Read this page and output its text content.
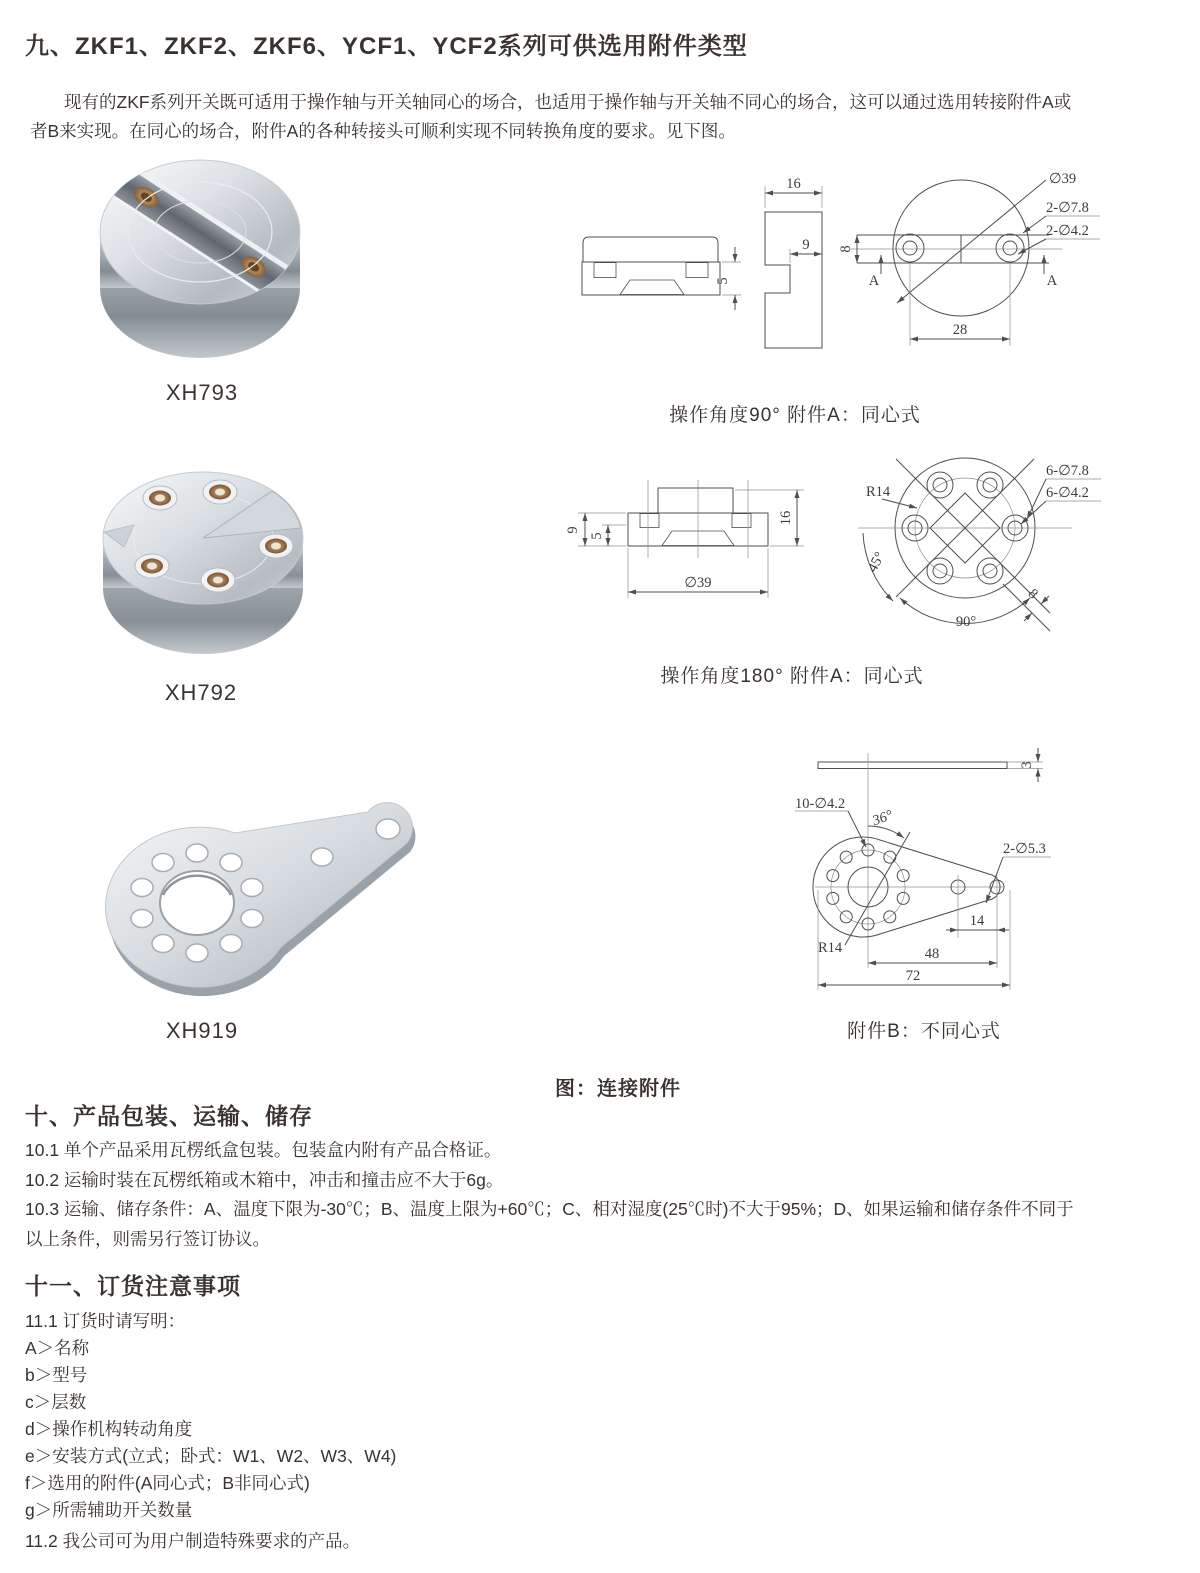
九、ZKF1、ZKF2、ZKF6、YCF1、YCF2系列可供选用附件类型
现有的ZKF系列开关既可适用于操作轴与开关轴同心的场合，也适用于操作轴与开关轴不同心的场合，这可以通过选用转接附件A或
者B来实现。在同心的场合，附件A的各种转接头可顺利实现不同转换角度的要求。见下图。
XH793
XH792
XH919
5
16
9
∅39
2-∅7.8
2-∅4.2
8
A	A
28
操作角度90° 附件A：同心式
9
5
16
∅39
45°
90°
8
R14
6-∅7.8
6-∅4.2
操作角度180° 附件A：同心式
3
10-∅4.2
36°
R14
2-∅5.3
14
48
72
附件B：不同心式
图：连接附件
十、产品包装、运输、储存
10.1 单个产品采用瓦楞纸盒包装。包装盒内附有产品合格证。
10.2 运输时装在瓦楞纸箱或木箱中，冲击和撞击应不大于6g。
10.3 运输、储存条件：A、温度下限为-30℃；B、温度上限为+60℃；C、相对湿度(25℃时)不大于95%；D、如果运输和储存条件不同于
以上条件，则需另行签订协议。
十一、订货注意事项
11.1 订货时请写明：
A＞名称
b＞型号
c＞层数
d＞操作机构转动角度
e＞安装方式(立式；卧式：W1、W2、W3、W4)
f＞选用的附件(A同心式；B非同心式)
g＞所需辅助开关数量
11.2 我公司可为用户制造特殊要求的产品。
